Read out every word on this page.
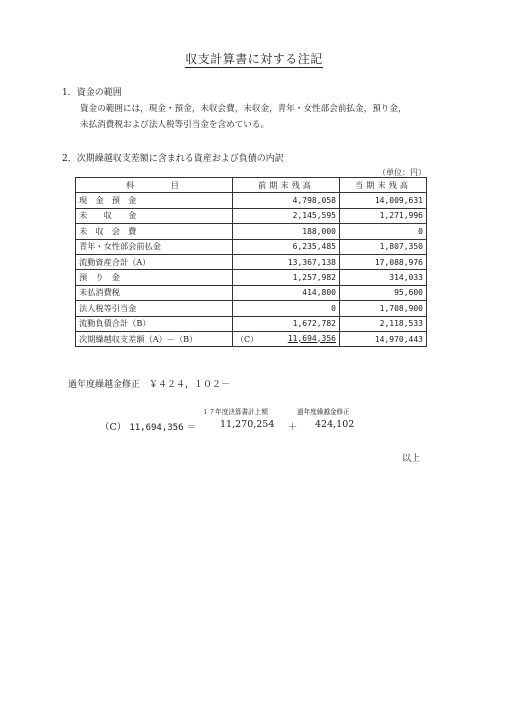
収支計算書に対する注記
1．資金の範囲
資金の範囲には，現金・預金，未収会費，未収金，青年・女性部会前払金，預り金，
未払消費税および法人税等引当金を含めている。
2．次期繰越収支差額に含まれる資産および負債の内訳
（単位：円）
科　　　目	前期末残高	当期末残高
現　金　預　金	4,798,058	14,009,631
未　　収　　金	2,145,595	1,271,996
未　収　会　費	188,000	0
青年・女性部会前払金	6,235,485	1,807,350
流動資産合計（A）	13,367,138	17,088,976
預　り　金	1,257,982	314,033
未払消費税	414,800	95,600
法人税等引当金	0	1,708,900
流動負債合計（B）	1,672,782	2,118,533
次期繰越収支差額（A）－（B）	（C） 11,694,356	14,970,443
過年度繰越金修正　￥４２４，１０２－
１７年度決算書計上額	過年度繰越金修正
（C） 11,694,356 ＝	11,270,254 ＋ 424,102
以上
